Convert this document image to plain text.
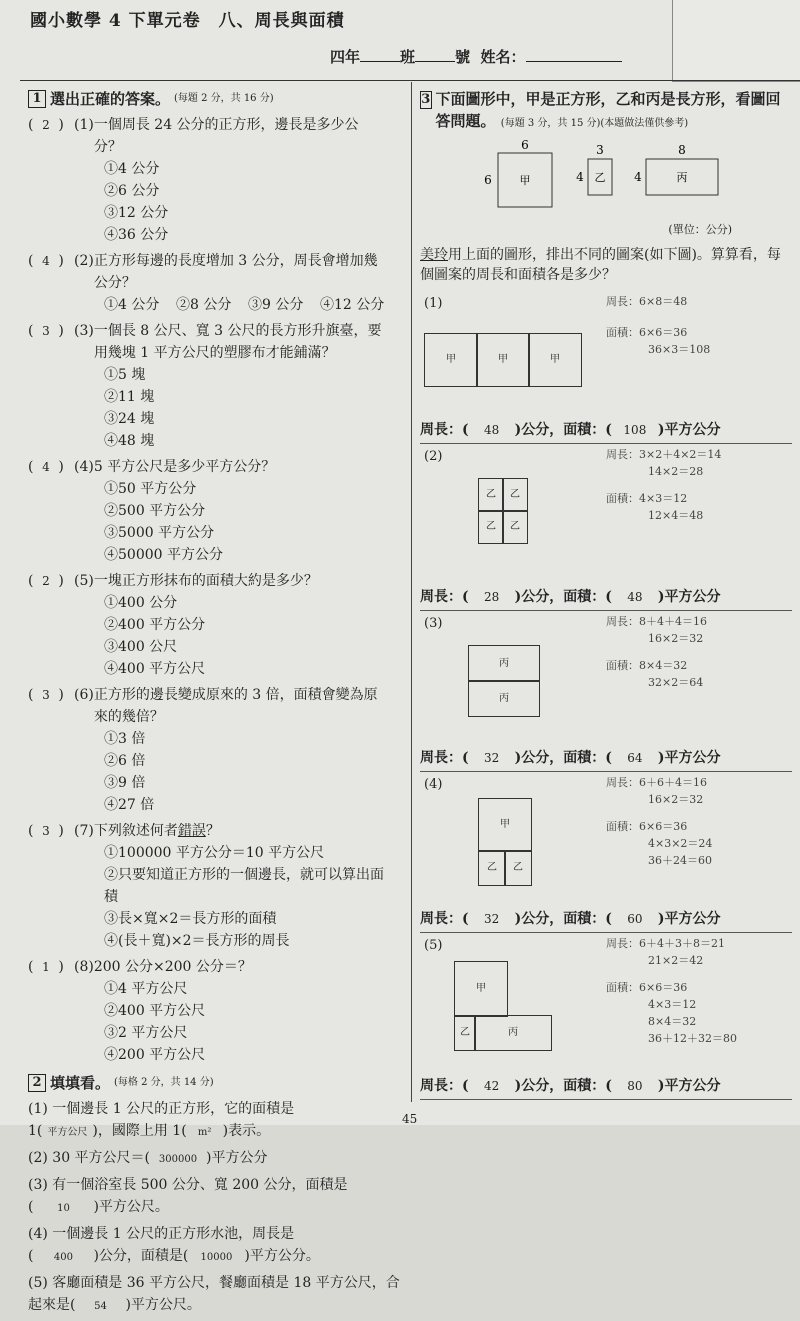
國小數學 4 下單元卷　八、周長與面積
四年	班	號 姓名：
1 選出正確的答案。 (每題 2 分，共 16 分)
( 2 ) (1)一個周長 24 公分的正方形，邊長是多少公分？
①4 公分
②6 公分
③12 公分
④36 公分
( 4 ) (2)正方形每邊的長度增加 3 公分，周長會增加幾公分？
①4 公分	②8 公分	③9 公分	④12 公分
( 3 ) (3)一個長 8 公尺、寬 3 公尺的長方形升旗臺，要用幾塊 1 平方公尺的塑膠布才能鋪滿？
①5 塊
②11 塊
③24 塊
④48 塊
( 4 ) (4)5 平方公尺是多少平方公分？
①50 平方公分
②500 平方公分
③5000 平方公分
④50000 平方公分
( 2 ) (5)一塊正方形抹布的面積大約是多少？
①400 公分
②400 平方公分
③400 公尺
④400 平方公尺
( 3 ) (6)正方形的邊長變成原來的 3 倍，面積會變為原來的幾倍？
①3 倍
②6 倍
③9 倍
④27 倍
( 3 ) (7)下列敘述何者錯誤？
①100000 平方公分＝10 平方公尺
②只要知道正方形的一個邊長，就可以算出面積
③長×寬×2＝長方形的面積
④(長＋寬)×2＝長方形的周長
( 1 ) (8)200 公分×200 公分＝？
①4 平方公尺
②400 平方公尺
③2 平方公尺
④200 平方公尺
2 填填看。 (每格 2 分，共 14 分)
(1) 一個邊長 1 公尺的正方形，它的面積是
1( 平方公尺 )，國際上用 1( m² )表示。
(2) 30 平方公尺＝( 300000 )平方公分
(3) 有一個浴室長 500 公分、寬 200 公分，面積是
( 10 )平方公尺。
(4) 一個邊長 1 公尺的正方形水池，周長是
( 400 )公分，面積是( 10000 )平方公分。
(5) 客廳面積是 36 平方公尺，餐廳面積是 18 平方公尺，合起來是( 54 )平方公尺。
3 下面圖形中，甲是正方形，乙和丙是長方形，看圖回答問題。 (每題 3 分，共 15 分)(本題做法僅供參考)
甲
6
6	乙
3
4	丙
8
4
(單位：公分)
美玲用上面的圖形，排出不同的圖案(如下圖)。算算看，每個圖案的周長和面積各是多少？
(1)	周長：6×8＝48
面積：6×6＝36
36×3＝108
甲	甲	甲
周長：( 48 )公分，面積：( 108 )平方公分
(2)	周長：3×2＋4×2＝14
14×2＝28
面積：4×3＝12
12×4＝48
乙	乙
乙	乙
周長：( 28 )公分，面積：( 48 )平方公分
(3)	周長：8＋4＋4＝16
16×2＝32
面積：8×4＝32
32×2＝64
丙
丙
周長：( 32 )公分，面積：( 64 )平方公分
(4)	周長：6＋6＋4＝16
16×2＝32
面積：6×6＝36
4×3×2＝24
36＋24＝60
甲
乙	乙
周長：( 32 )公分，面積：( 60 )平方公分
(5)	周長：6＋4＋3＋8＝21
21×2＝42
面積：6×6＝36
4×3＝12
8×4＝32
36＋12＋32＝80
甲
乙	丙
周長：( 42 )公分，面積：( 80 )平方公分
45
